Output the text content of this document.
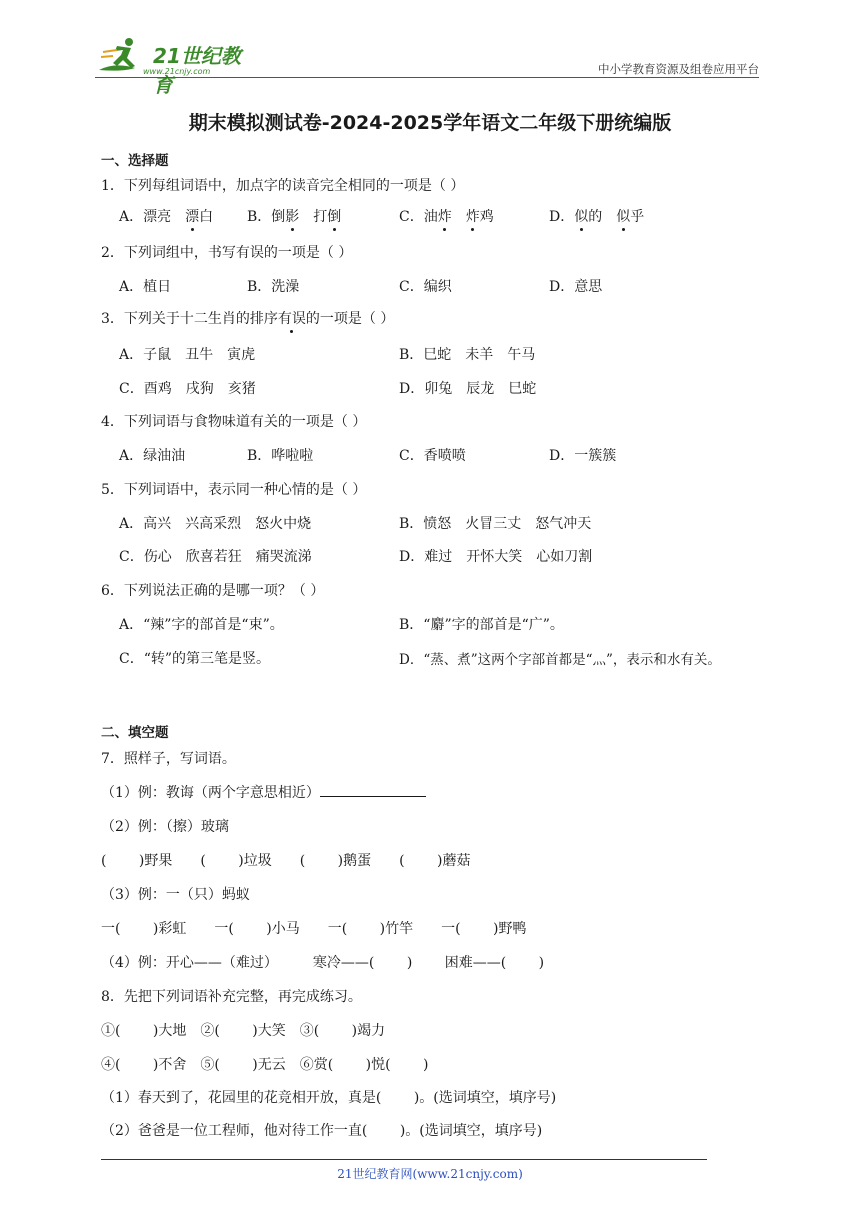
21世纪教育
www.21cnjy.com	中小学教育资源及组卷应用平台
期末模拟测试卷-2024-2025学年语文二年级下册统编版
一、选择题
1．下列每组词语中，加点字的读音完全相同的一项是（ ）
A．漂亮　漂白 B．倒影　打倒	C．油炸　 炸鸡	D．似的　似乎
2．下列词组中，书写有误的一项是（ ）
A．植日	B．洗澡	C．编织	D．意思
3．下列关于十二生肖的排序有误的一项是（ ）
A．子鼠　丑牛　寅虎	B．巳蛇　未羊　午马
C．酉鸡　戌狗　亥猪	D．卯兔　辰龙　巳蛇
4．下列词语与食物味道有关的一项是（ ）
A．绿油油	B．哗啦啦	C．香喷喷	D．一簇簇
5．下列词语中，表示同一种心情的是（ ）
A．高兴　兴高采烈　怒火中烧	B．愤怒　火冒三丈　怒气冲天
C．伤心　欣喜若狂　痛哭流涕	D．难过　开怀大笑　心如刀割
6．下列说法正确的是哪一项？（ ）
A．“辣”字的部首是“束”。	B．“麝”字的部首是“广”。
C．“转”的第三笔是竖。	D．“蒸、煮”这两个字部首都是“灬”，表示和水有关。
二、填空题
7．照样子，写词语。
（1）例：教诲（两个字意思相近）
（2）例：（擦）玻璃
(　　 )野果　　(　　 )垃圾　　(　　 )鹅蛋　　(　　 )蘑菇
（3）例：一（只）蚂蚁
一(　　 )彩虹　　一(　　 )小马　　一(　　 )竹竿　　一(　　 )野鸭
（4）例：开心——（难过）　　　寒冷——(　　 )　　 困难——(　　 )
8．先把下列词语补充完整，再完成练习。
①(　　 )大地　②(　　 )大笑　③(　　 )竭力
④(　　 )不舍　⑤(　　 )无云　⑥赏(　　 )悦(　　 )
（1）春天到了，花园里的花竞相开放，真是(　　 )。(选词填空，填序号)
（2）爸爸是一位工程师，他对待工作一直(　　 )。(选词填空，填序号)
21世纪教育网(www.21cnjy.com)
